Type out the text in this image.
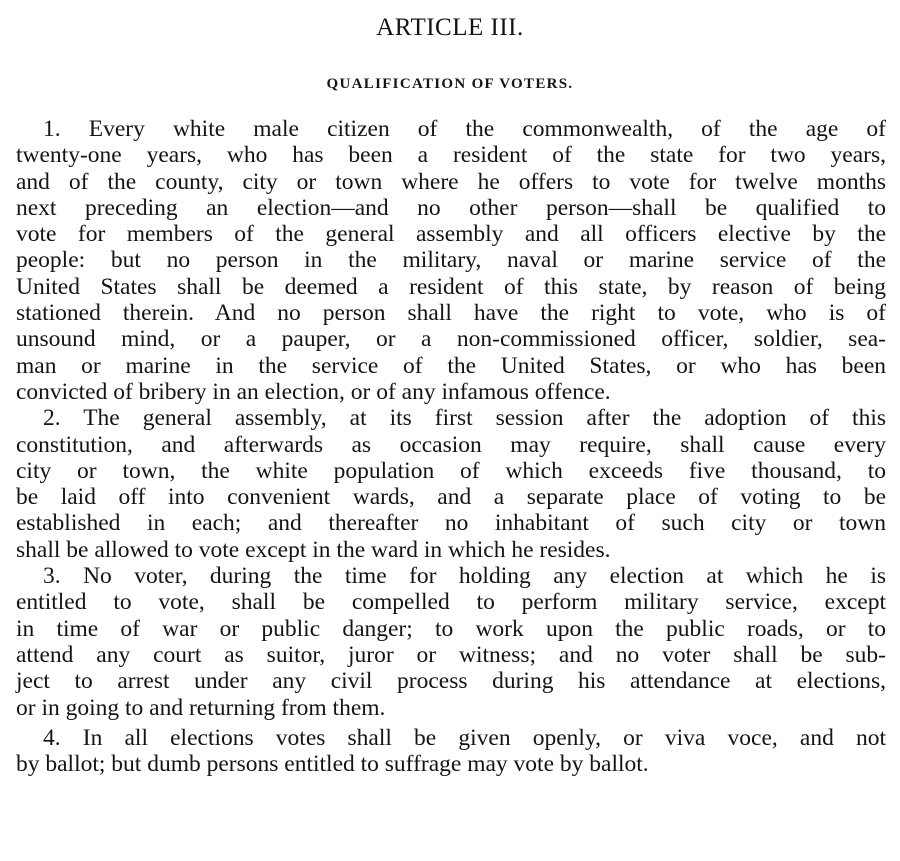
ARTICLE III.
QUALIFICATION OF VOTERS.
1. Every white male citizen of the commonwealth, of the age of
twenty-one years, who has been a resident of the state for two years,
and of the county, city or town where he offers to vote for twelve months
next preceding an election—and no other person—shall be qualified to
vote for members of the general assembly and all officers elective by the
people: but no person in the military, naval or marine service of the
United States shall be deemed a resident of this state, by reason of being
stationed therein. And no person shall have the right to vote, who is of
unsound mind, or a pauper, or a non-commissioned officer, soldier, sea-
man or marine in the service of the United States, or who has been
convicted of bribery in an election, or of any infamous offence.
2. The general assembly, at its first session after the adoption of this
constitution, and afterwards as occasion may require, shall cause every
city or town, the white population of which exceeds five thousand, to
be laid off into convenient wards, and a separate place of voting to be
established in each; and thereafter no inhabitant of such city or town
shall be allowed to vote except in the ward in which he resides.
3. No voter, during the time for holding any election at which he is
entitled to vote, shall be compelled to perform military service, except
in time of war or public danger; to work upon the public roads, or to
attend any court as suitor, juror or witness; and no voter shall be sub-
ject to arrest under any civil process during his attendance at elections,
or in going to and returning from them.
4. In all elections votes shall be given openly, or viva voce, and not
by ballot; but dumb persons entitled to suffrage may vote by ballot.
